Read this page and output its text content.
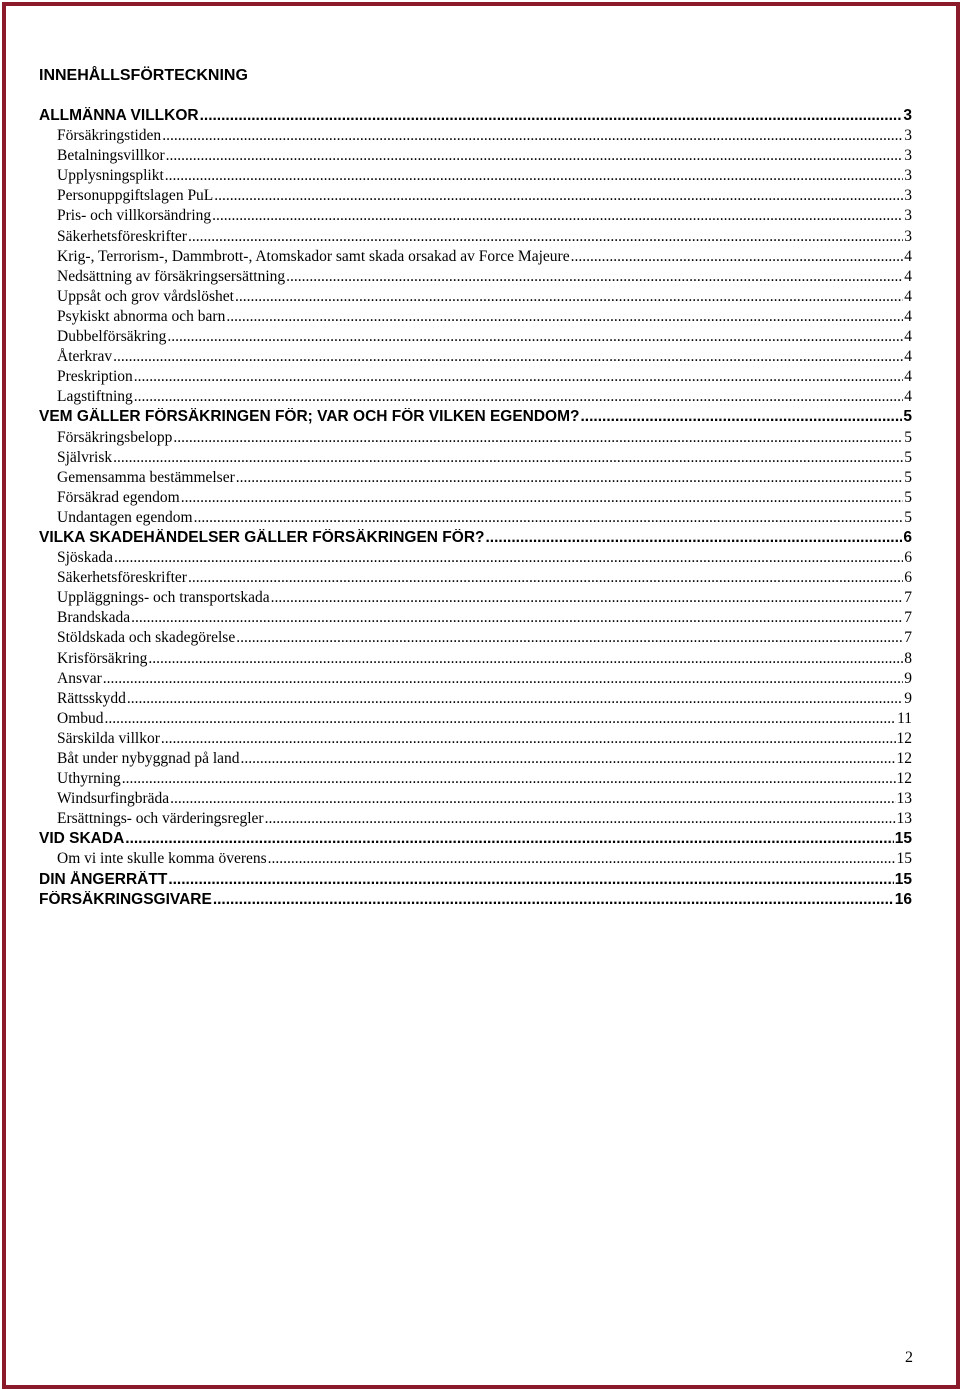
INNEHÅLLSFÖRTECKNING
ALLMÄNNA VILLKOR .....	3
Försäkringstiden .....	3
Betalningsvillkor .....	3
Upplysningsplikt .....	3
Personuppgiftslagen PuL .....	3
Pris- och villkorsändring .....	3
Säkerhetsföreskrifter .....	3
Krig-, Terrorism-, Dammbrott-, Atomskador samt skada orsakad av Force Majeure .....	4
Nedsättning av försäkringsersättning .....	4
Uppsåt och grov vårdslöshet .....	4
Psykiskt abnorma och barn .....	4
Dubbelförsäkring .....	4
Återkrav .....	4
Preskription .....	4
Lagstiftning .....	4
VEM GÄLLER FÖRSÄKRINGEN FÖR; VAR OCH FÖR VILKEN EGENDOM? .....	5
Försäkringsbelopp .....	5
Självrisk .....	5
Gemensamma bestämmelser .....	5
Försäkrad egendom .....	5
Undantagen egendom .....	5
VILKA SKADEHÄNDELSER GÄLLER FÖRSÄKRINGEN FÖR? .....	6
Sjöskada .....	6
Säkerhetsföreskrifter .....	6
Uppläggnings- och transportskada .....	7
Brandskada .....	7
Stöldskada och skadegörelse .....	7
Krisförsäkring .....	8
Ansvar .....	9
Rättsskydd .....	9
Ombud .....	11
Särskilda villkor .....	12
Båt under nybyggnad på land .....	12
Uthyrning .....	12
Windsurfingbräda .....	13
Ersättnings- och värderingsregler .....	13
VID SKADA .....	15
Om vi inte skulle komma överens .....	15
DIN ÅNGERRÄTT .....	15
FÖRSÄKRINGSGIVARE .....	16
2
